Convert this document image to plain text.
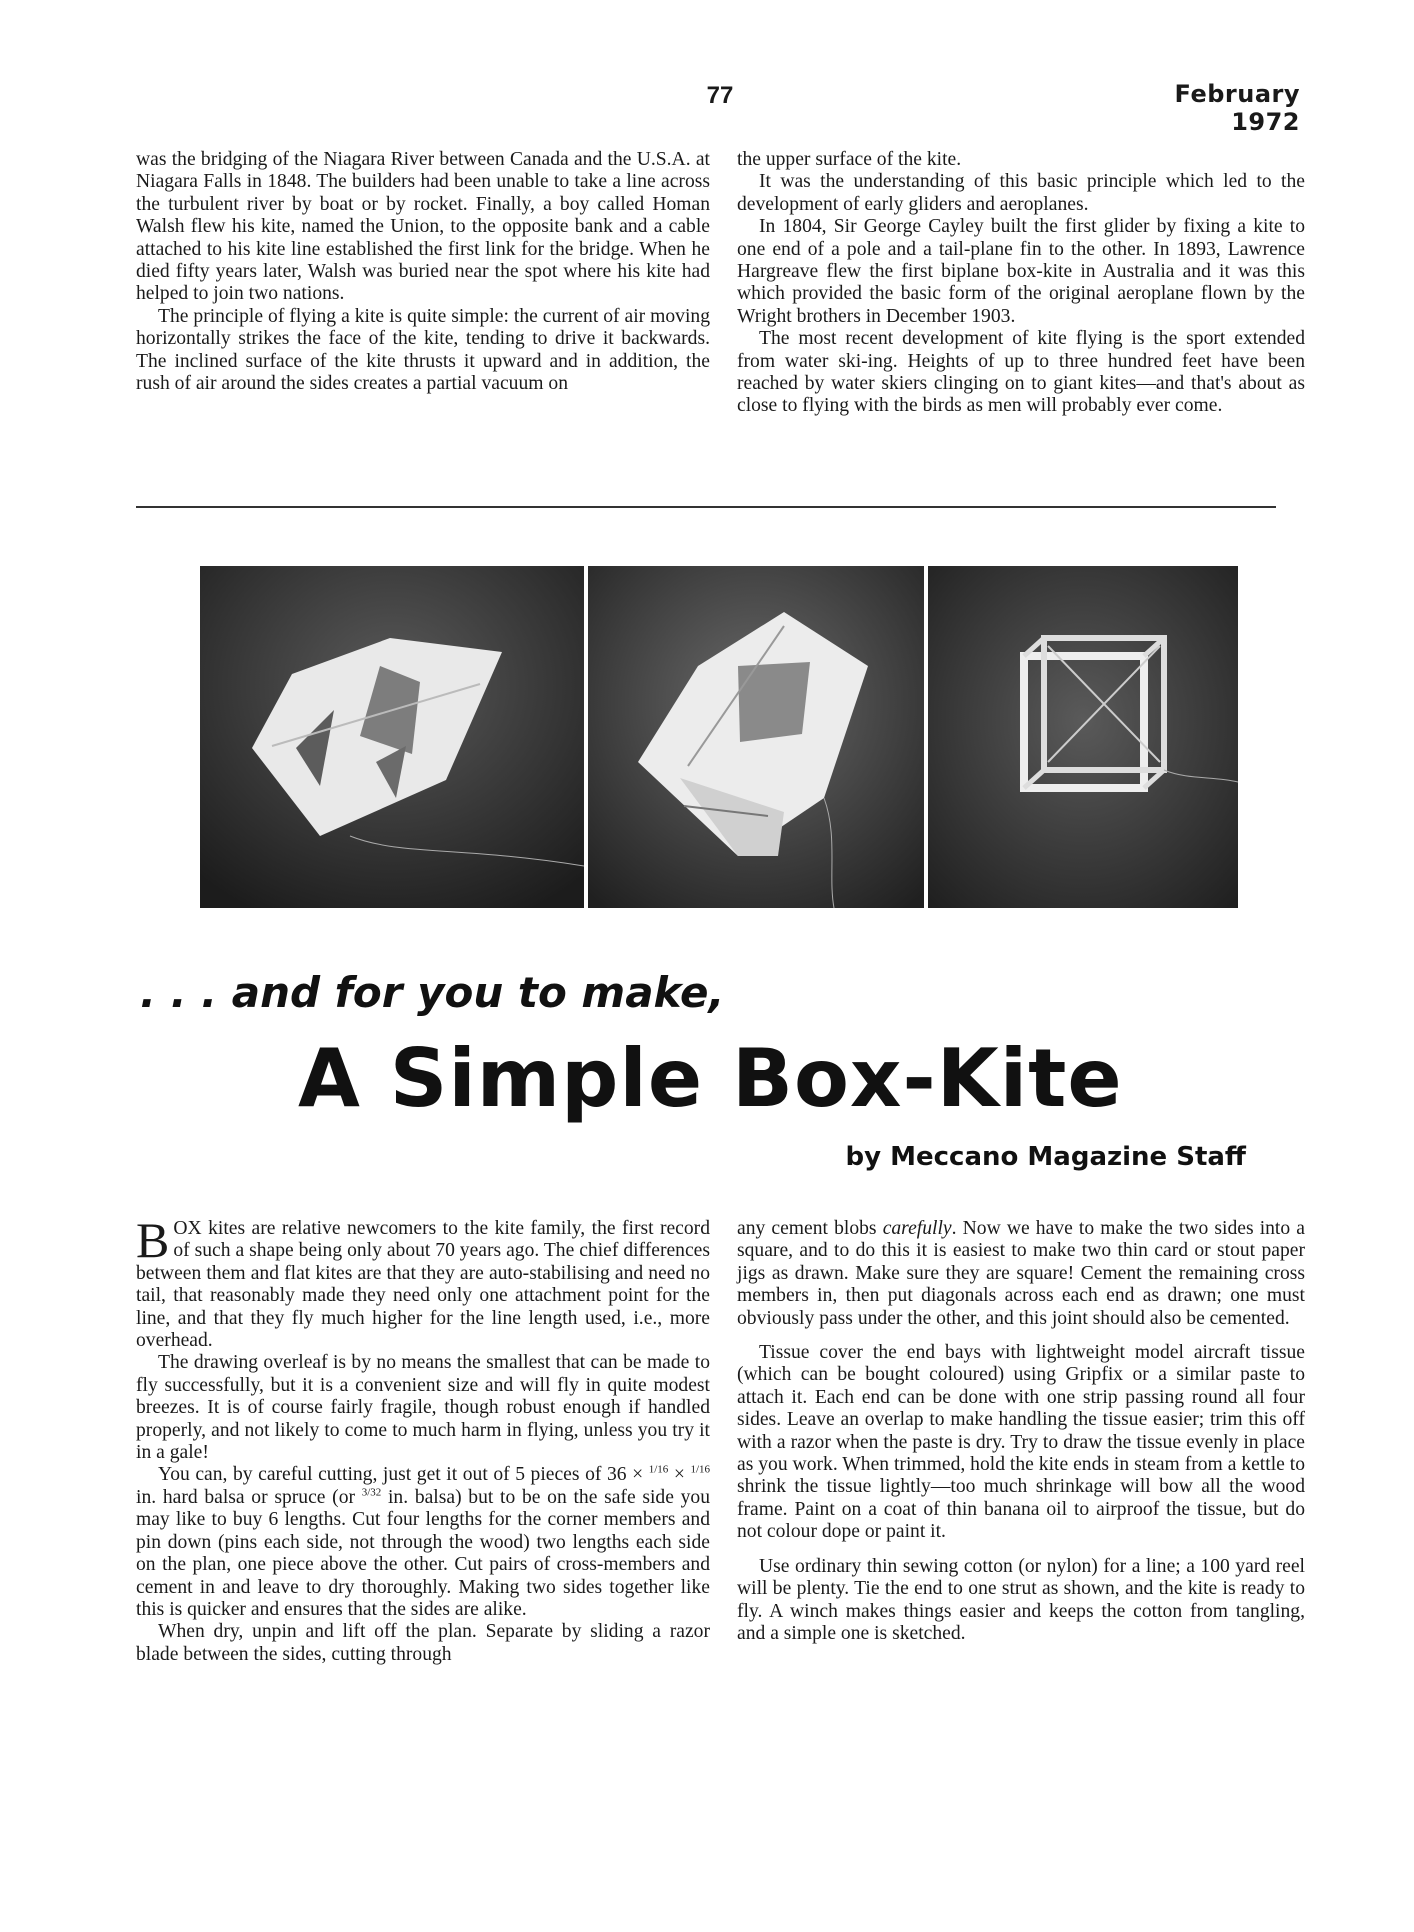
77	February 1972

was the bridging of the Niagara River between Canada and the U.S.A. at Niagara Falls in 1848. The builders had been unable to take a line across the turbulent river by boat or by rocket. Finally, a boy called Homan Walsh flew his kite, named the Union, to the opposite bank and a cable attached to his kite line established the first link for the bridge. When he died fifty years later, Walsh was buried near the spot where his kite had helped to join two nations.

The principle of flying a kite is quite simple: the current of air moving horizontally strikes the face of the kite, tending to drive it backwards. The inclined surface of the kite thrusts it upward and in addition, the rush of air around the sides creates a partial vacuum on

the upper surface of the kite.

It was the understanding of this basic principle which led to the development of early gliders and aeroplanes.

In 1804, Sir George Cayley built the first glider by fixing a kite to one end of a pole and a tail-plane fin to the other. In 1893, Lawrence Hargreave flew the first biplane box-kite in Australia and it was this which provided the basic form of the original aeroplane flown by the Wright brothers in December 1903.

The most recent development of kite flying is the sport extended from water ski-ing. Heights of up to three hundred feet have been reached by water skiers clinging on to giant kites—and that's about as close to flying with the birds as men will probably ever come.

. . . and for you to make,
A Simple Box-Kite
by Meccano Magazine Staff

BOX kites are relative newcomers to the kite family, the first record of such a shape being only about 70 years ago. The chief differences between them and flat kites are that they are auto-stabilising and need no tail, that reasonably made they need only one attachment point for the line, and that they fly much higher for the line length used, i.e., more overhead.

The drawing overleaf is by no means the smallest that can be made to fly successfully, but it is a convenient size and will fly in quite modest breezes. It is of course fairly fragile, though robust enough if handled properly, and not likely to come to much harm in flying, unless you try it in a gale!

You can, by careful cutting, just get it out of 5 pieces of 36 × $^{1/16}$ × $^{1/16}$ in. hard balsa or spruce (or $^{3/32}$ in. balsa) but to be on the safe side you may like to buy 6 lengths. Cut four lengths for the corner members and pin down (pins each side, not through the wood) two lengths each side on the plan, one piece above the other. Cut pairs of cross-members and cement in and leave to dry thoroughly. Making two sides together like this is quicker and ensures that the sides are alike.

When dry, unpin and lift off the plan. Separate by sliding a razor blade between the sides, cutting through

any cement blobs carefully. Now we have to make the two sides into a square, and to do this it is easiest to make two thin card or stout paper jigs as drawn. Make sure they are square! Cement the remaining cross members in, then put diagonals across each end as drawn; one must obviously pass under the other, and this joint should also be cemented.

Tissue cover the end bays with lightweight model aircraft tissue (which can be bought coloured) using Gripfix or a similar paste to attach it. Each end can be done with one strip passing round all four sides. Leave an overlap to make handling the tissue easier; trim this off with a razor when the paste is dry. Try to draw the tissue evenly in place as you work. When trimmed, hold the kite ends in steam from a kettle to shrink the tissue lightly—too much shrinkage will bow all the wood frame. Paint on a coat of thin banana oil to airproof the tissue, but do not colour dope or paint it.

Use ordinary thin sewing cotton (or nylon) for a line; a 100 yard reel will be plenty. Tie the end to one strut as shown, and the kite is ready to fly. A winch makes things easier and keeps the cotton from tangling, and a simple one is sketched.
